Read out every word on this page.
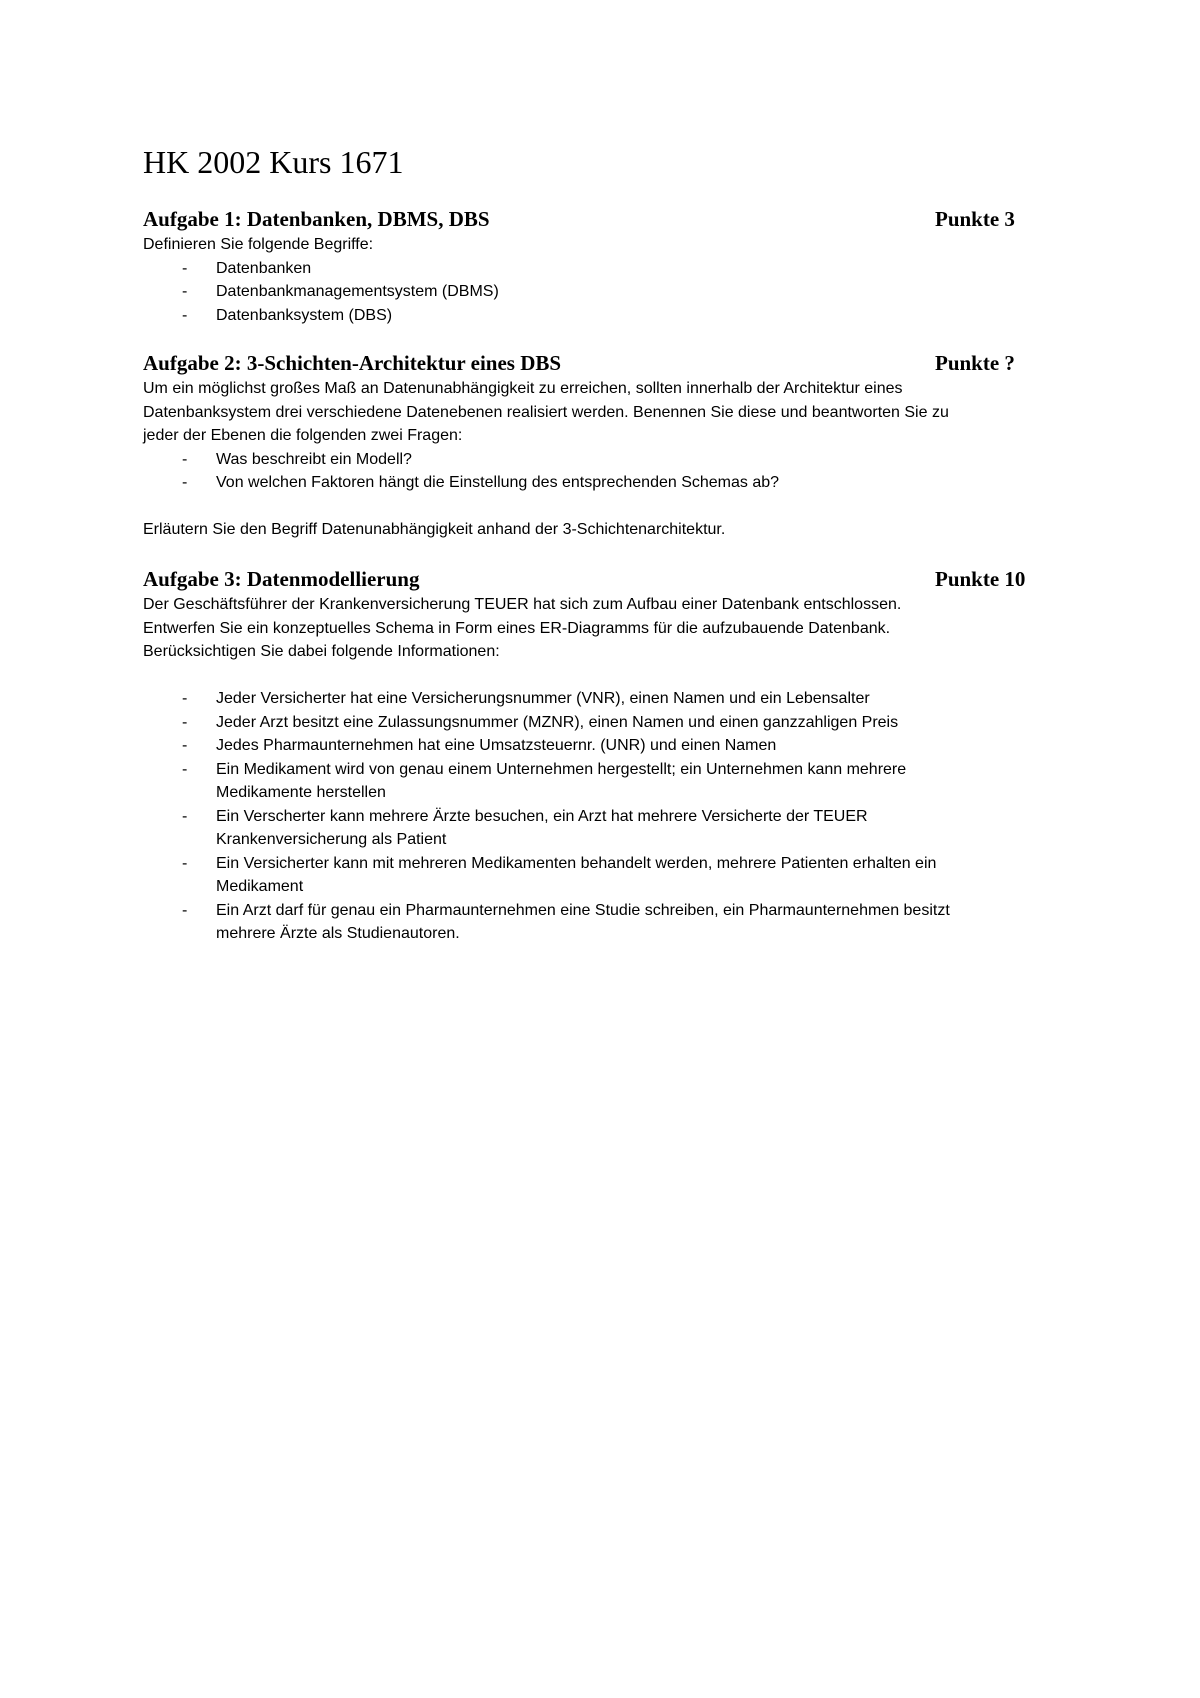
HK 2002 Kurs 1671
Aufgabe 1: Datenbanken, DBMS, DBS	Punkte 3
Definieren Sie folgende Begriffe:
- Datenbanken
- Datenbankmanagementsystem (DBMS)
- Datenbanksystem (DBS)
Aufgabe 2: 3-Schichten-Architektur eines DBS	Punkte ?
Um ein möglichst großes Maß an Datenunabhängigkeit zu erreichen, sollten innerhalb der Architektur eines
Datenbanksystem drei verschiedene Datenebenen realisiert werden. Benennen Sie diese und beantworten Sie zu
jeder der Ebenen die folgenden zwei Fragen:
- Was beschreibt ein Modell?
- Von welchen Faktoren hängt die Einstellung des entsprechenden Schemas ab?
Erläutern Sie den Begriff Datenunabhängigkeit anhand der 3-Schichtenarchitektur.
Aufgabe 3: Datenmodellierung	Punkte 10
Der Geschäftsführer der Krankenversicherung TEUER hat sich zum Aufbau einer Datenbank entschlossen.
Entwerfen Sie ein konzeptuelles Schema in Form eines ER-Diagramms für die aufzubauende Datenbank.
Berücksichtigen Sie dabei folgende Informationen:
- Jeder Versicherter hat eine Versicherungsnummer (VNR), einen Namen und ein Lebensalter
- Jeder Arzt besitzt eine Zulassungsnummer (MZNR), einen Namen und einen ganzzahligen Preis
- Jedes Pharmaunternehmen hat eine Umsatzsteuernr. (UNR) und einen Namen
- Ein Medikament wird von genau einem Unternehmen hergestellt; ein Unternehmen kann mehrere
Medikamente herstellen
- Ein Verscherter kann mehrere Ärzte besuchen, ein Arzt hat mehrere Versicherte der TEUER
Krankenversicherung als Patient
- Ein Versicherter kann mit mehreren Medikamenten behandelt werden, mehrere Patienten erhalten ein
Medikament
- Ein Arzt darf für genau ein Pharmaunternehmen eine Studie schreiben, ein Pharmaunternehmen besitzt
mehrere Ärzte als Studienautoren.
